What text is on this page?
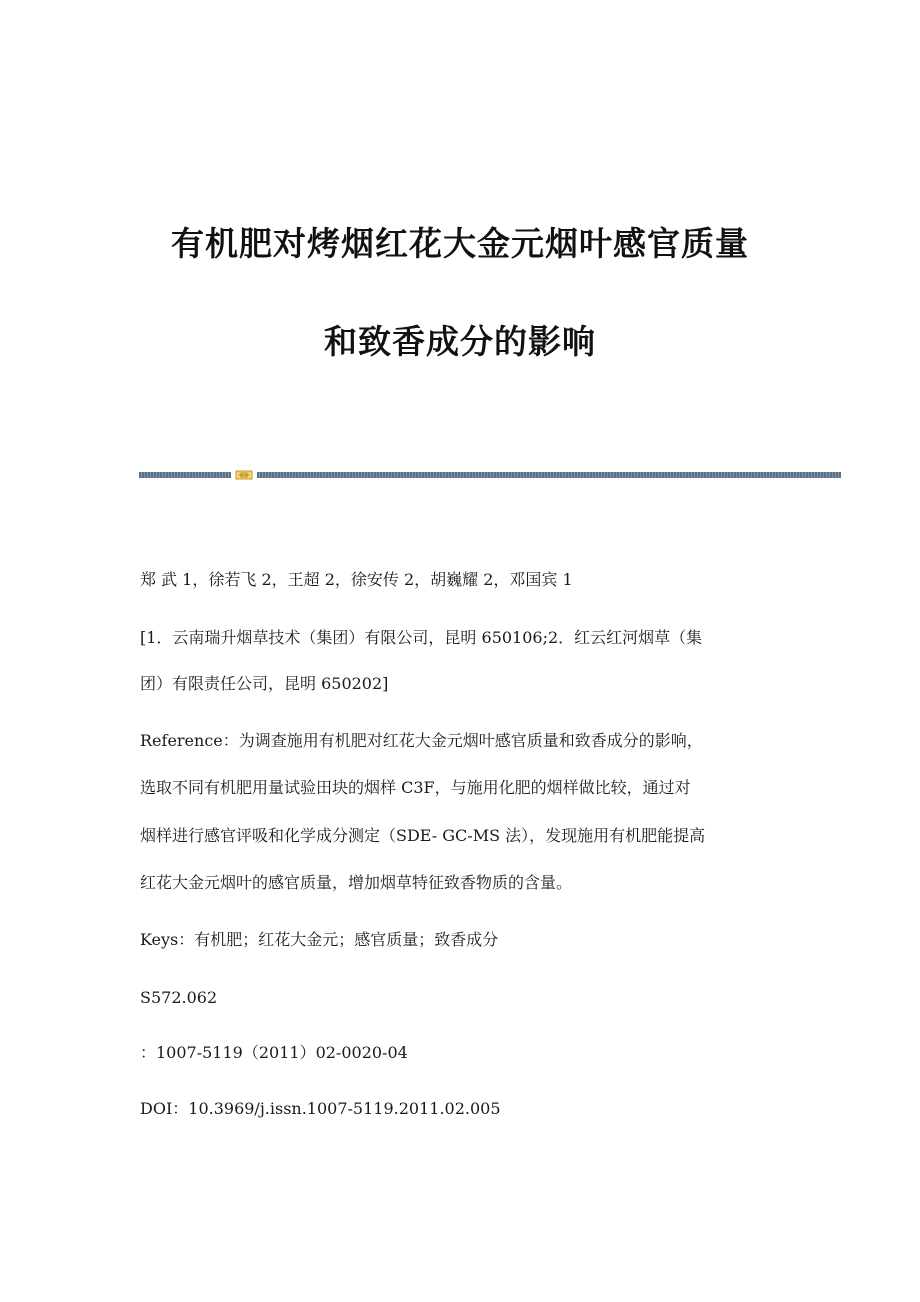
有机肥对烤烟红花大金元烟叶感官质量
和致香成分的影响

郑 武 1，徐若飞 2，王超 2，徐安传 2，胡巍耀 2，邓国宾 1

[1．云南瑞升烟草技术（集团）有限公司，昆明 650106;2．红云红河烟草（集

团）有限责任公司，昆明 650202]

Reference：为调查施用有机肥对红花大金元烟叶感官质量和致香成分的影响，

选取不同有机肥用量试验田块的烟样 C3F，与施用化肥的烟样做比较，通过对

烟样进行感官评吸和化学成分测定（SDE- GC-MS 法），发现施用有机肥能提高

红花大金元烟叶的感官质量，增加烟草特征致香物质的含量。

Keys：有机肥；红花大金元；感官质量；致香成分

S572.062

：1007-5119（2011）02-0020-04

DOI：10.3969/j.issn.1007-5119.2011.02.005
